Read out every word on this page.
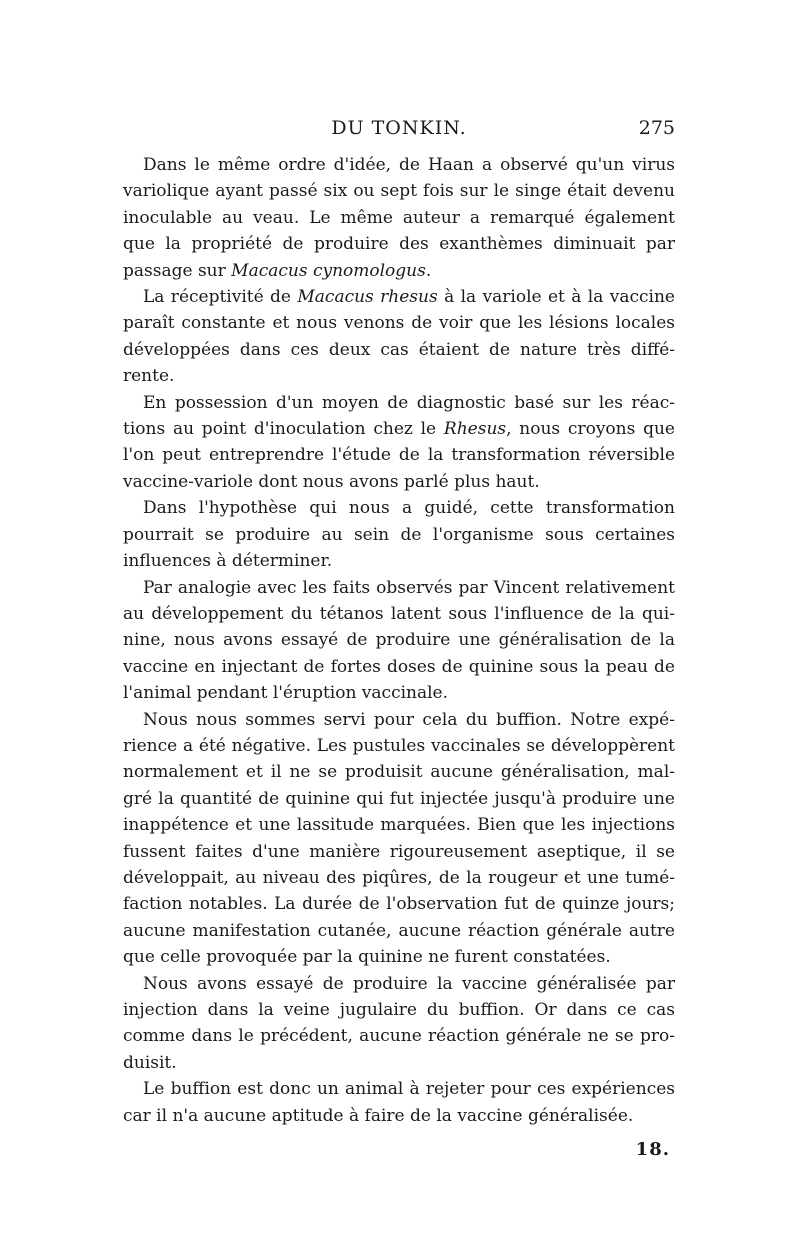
DU TONKIN.	275

Dans le même ordre d'idée, de Haan a observé qu'un virus variolique ayant passé six ou sept fois sur le singe était devenu inoculable au veau. Le même auteur a remarqué également que la propriété de produire des exanthèmes diminuait par passage sur Macacus cynomologus.

La réceptivité de Macacus rhesus à la variole et à la vaccine paraît constante et nous venons de voir que les lésions locales développées dans ces deux cas étaient de nature très diffé-rente.

En possession d'un moyen de diagnostic basé sur les réac-tions au point d'inoculation chez le Rhesus, nous croyons que l'on peut entreprendre l'étude de la transformation réversible vaccine-variole dont nous avons parlé plus haut.

Dans l'hypothèse qui nous a guidé, cette transformation pourrait se produire au sein de l'organisme sous certaines influences à déterminer.

Par analogie avec les faits observés par Vincent relativement au développement du tétanos latent sous l'influence de la qui-nine, nous avons essayé de produire une généralisation de la vaccine en injectant de fortes doses de quinine sous la peau de l'animal pendant l'éruption vaccinale.

Nous nous sommes servi pour cela du buffion. Notre expé-rience a été négative. Les pustules vaccinales se développèrent normalement et il ne se produisit aucune généralisation, mal-gré la quantité de quinine qui fut injectée jusqu'à produire une inappétence et une lassitude marquées. Bien que les injections fussent faites d'une manière rigoureusement aseptique, il se développait, au niveau des piqûres, de la rougeur et une tumé-faction notables. La durée de l'observation fut de quinze jours; aucune manifestation cutanée, aucune réaction générale autre que celle provoquée par la quinine ne furent constatées.

Nous avons essayé de produire la vaccine généralisée par injection dans la veine jugulaire du buffion. Or dans ce cas comme dans le précédent, aucune réaction générale ne se pro-duisit.

Le buffion est donc un animal à rejeter pour ces expériences car il n'a aucune aptitude à faire de la vaccine généralisée.

18.
